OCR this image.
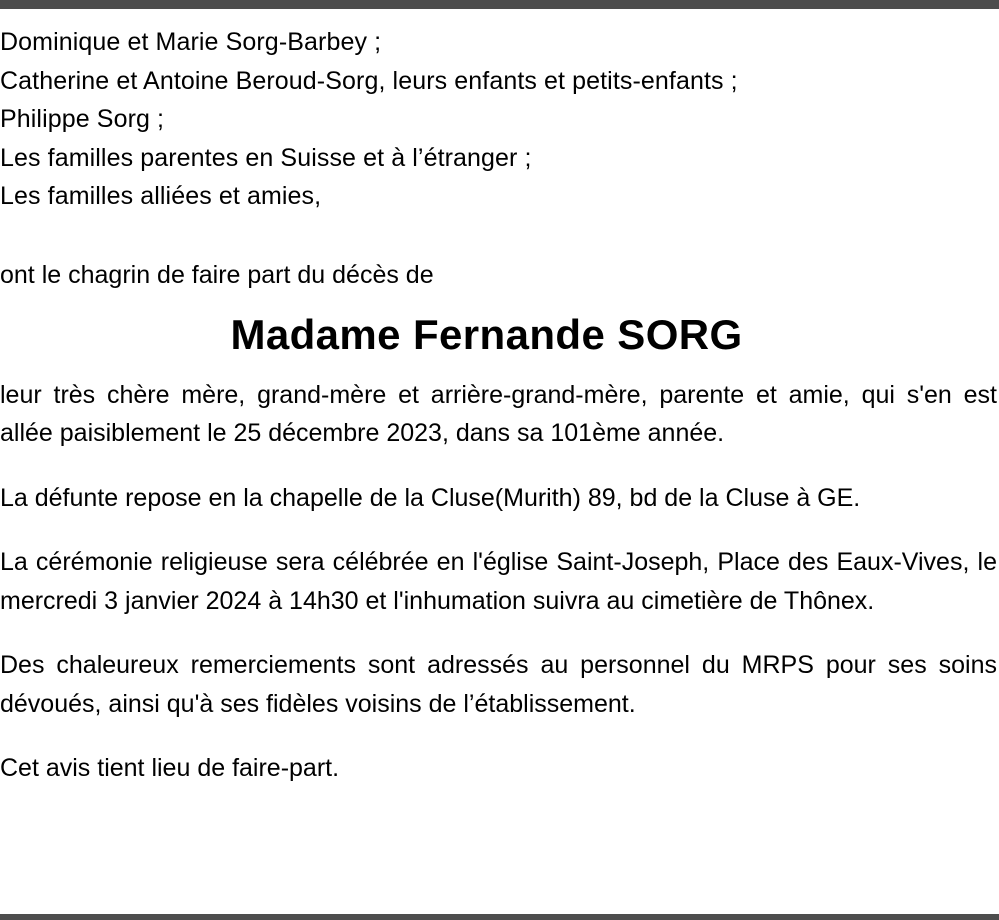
Dominique et Marie Sorg-Barbey ;
Catherine et Antoine Beroud-Sorg, leurs enfants et petits-enfants ;
Philippe Sorg ;
Les familles parentes en Suisse et à l’étranger ;
Les familles alliées et amies,
ont le chagrin de faire part du décès de
Madame Fernande SORG
leur très chère mère, grand-mère et arrière-grand-mère, parente et amie, qui s'en est allée paisiblement le 25 décembre 2023, dans sa 101ème année.
La défunte repose en la chapelle de la Cluse(Murith) 89, bd de la Cluse à GE.
La cérémonie religieuse sera célébrée en l'église Saint-Joseph, Place des Eaux-Vives, le mercredi 3 janvier 2024 à 14h30 et l'inhumation suivra au cimetière de Thônex.
Des chaleureux remerciements sont adressés au personnel du MRPS pour ses soins dévoués, ainsi qu'à ses fidèles voisins de l’établissement.
Cet avis tient lieu de faire-part.
